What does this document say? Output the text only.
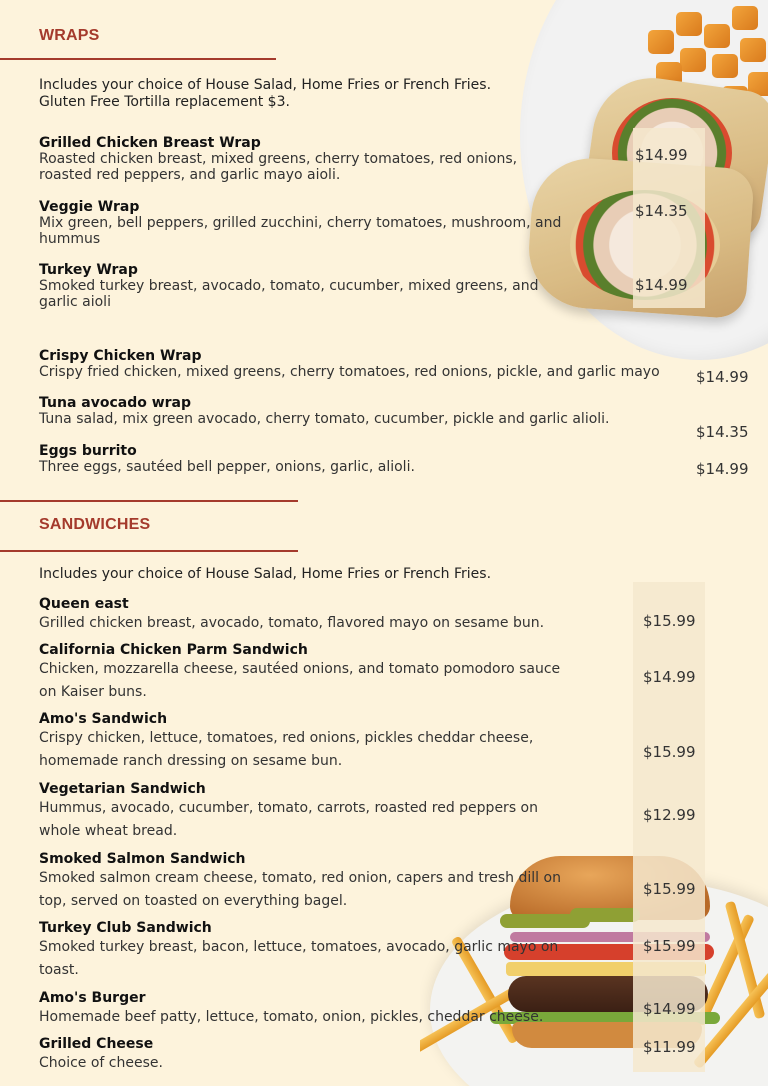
WRAPS
Includes your choice of House Salad, Home Fries or French Fries.
Gluten Free Tortilla replacement $3.
Grilled Chicken Breast Wrap
Roasted chicken breast, mixed greens, cherry tomatoes, red onions,
roasted red peppers, and garlic mayo aioli.
$14.99
Veggie Wrap
Mix green, bell peppers, grilled zucchini, cherry tomatoes, mushroom, and
hummus
$14.35
Turkey Wrap
Smoked turkey breast, avocado, tomato, cucumber, mixed greens, and
garlic aioli
$14.99
Crispy Chicken Wrap
Crispy fried chicken, mixed greens, cherry tomatoes, red onions, pickle, and garlic mayo $14.99
Tuna avocado wrap
Tuna salad, mix green avocado, cherry tomato, cucumber, pickle and garlic alioli.
$14.35
Eggs burrito
Three eggs, sautéed bell pepper, onions, garlic, alioli.	$14.99
SANDWICHES
Includes your choice of House Salad, Home Fries or French Fries.
Queen east
Grilled chicken breast, avocado, tomato, flavored mayo on sesame bun.	$15.99
California Chicken Parm Sandwich
Chicken, mozzarella cheese, sautéed onions, and tomato pomodoro sauce
on Kaiser buns.
$14.99
Amo's Sandwich
Crispy chicken, lettuce, tomatoes, red onions, pickles cheddar cheese,
homemade ranch dressing on sesame bun.	$15.99
Vegetarian Sandwich
Hummus, avocado, cucumber, tomato, carrots, roasted red peppers on
whole wheat bread.
$12.99
Smoked Salmon Sandwich
Smoked salmon cream cheese, tomato, red onion, capers and tresh dill on
top, served on toasted on everything bagel.
$15.99
Turkey Club Sandwich
Smoked turkey breast, bacon, lettuce, tomatoes, avocado, garlic mayo on
toast.
$15.99
Amo's Burger
Homemade beef patty, lettuce, tomato, onion, pickles, cheddar cheese.	$14.99
Grilled Cheese
Choice of cheese.
$11.99
